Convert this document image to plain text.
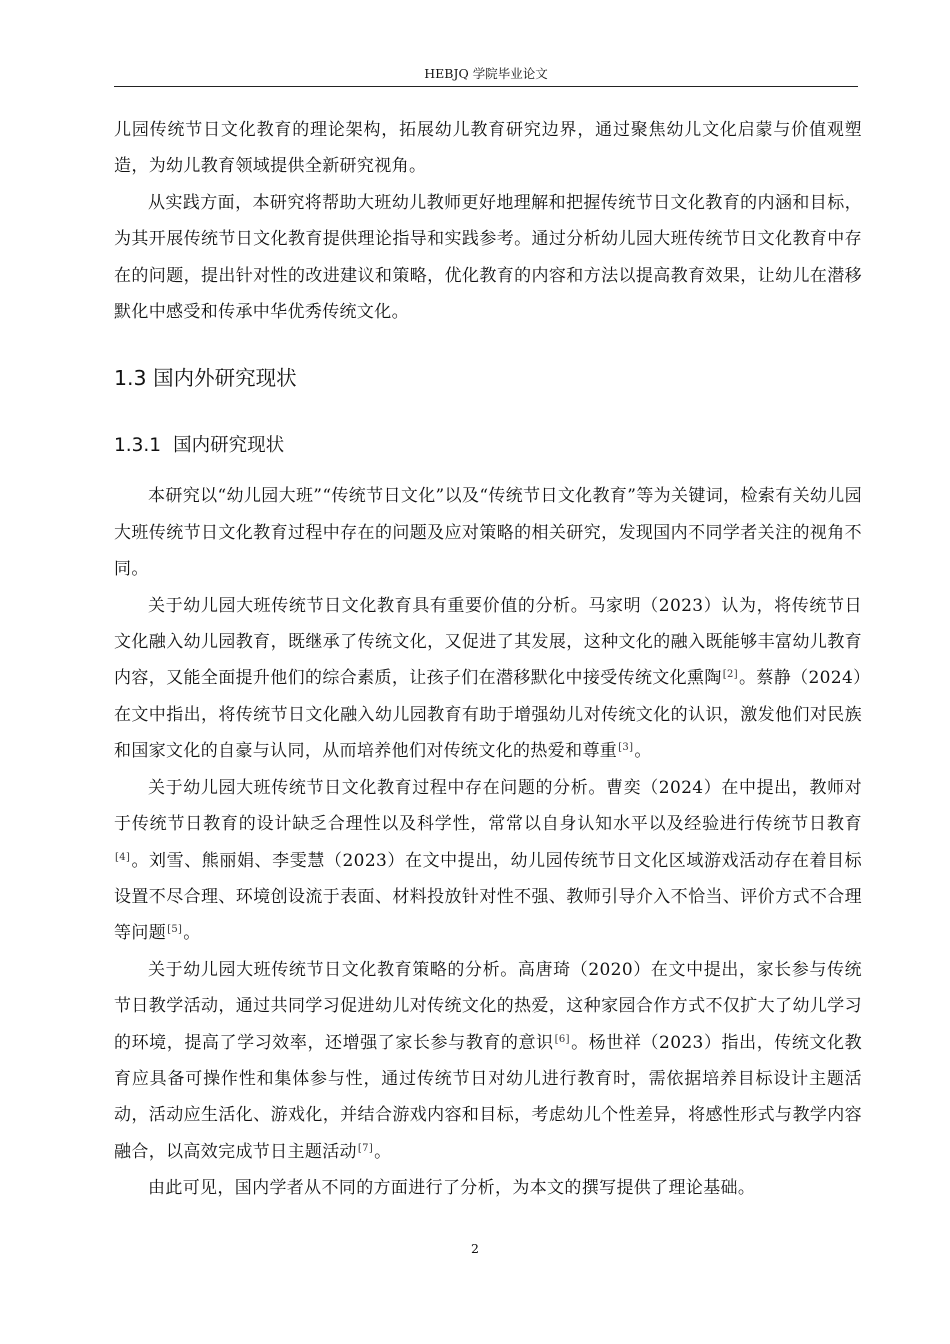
HEBJQ 学院毕业论文

儿园传统节日文化教育的理论架构，拓展幼儿教育研究边界，通过聚焦幼儿文化启蒙与价值观塑造，为幼儿教育领域提供全新研究视角。

从实践方面，本研究将帮助大班幼儿教师更好地理解和把握传统节日文化教育的内涵和目标，为其开展传统节日文化教育提供理论指导和实践参考。通过分析幼儿园大班传统节日文化教育中存在的问题，提出针对性的改进建议和策略，优化教育的内容和方法以提高教育效果，让幼儿在潜移默化中感受和传承中华优秀传统文化。

1.3 国内外研究现状
1.3.1 国内研究现状

本研究以“幼儿园大班”“传统节日文化”以及“传统节日文化教育”等为关键词，检索有关幼儿园大班传统节日文化教育过程中存在的问题及应对策略的相关研究，发现国内不同学者关注的视角不同。

关于幼儿园大班传统节日文化教育具有重要价值的分析。马家明（2023）认为，将传统节日文化融入幼儿园教育，既继承了传统文化，又促进了其发展，这种文化的融入既能够丰富幼儿教育内容，又能全面提升他们的综合素质，让孩子们在潜移默化中接受传统文化熏陶[2]。蔡静（2024）在文中指出，将传统节日文化融入幼儿园教育有助于增强幼儿对传统文化的认识，激发他们对民族和国家文化的自豪与认同，从而培养他们对传统文化的热爱和尊重[3]。

关于幼儿园大班传统节日文化教育过程中存在问题的分析。曹奕（2024）在中提出，教师对于传统节日教育的设计缺乏合理性以及科学性，常常以自身认知水平以及经验进行传统节日教育[4]。刘雪、熊丽娟、李雯慧（2023）在文中提出，幼儿园传统节日文化区域游戏活动存在着目标设置不尽合理、环境创设流于表面、材料投放针对性不强、教师引导介入不恰当、评价方式不合理等问题[5]。

关于幼儿园大班传统节日文化教育策略的分析。高唐琦（2020）在文中提出，家长参与传统节日教学活动，通过共同学习促进幼儿对传统文化的热爱，这种家园合作方式不仅扩大了幼儿学习的环境，提高了学习效率，还增强了家长参与教育的意识[6]。杨世祥（2023）指出，传统文化教育应具备可操作性和集体参与性，通过传统节日对幼儿进行教育时，需依据培养目标设计主题活动，活动应生活化、游戏化，并结合游戏内容和目标，考虑幼儿个性差异，将感性形式与教学内容融合，以高效完成节日主题活动[7]。

由此可见，国内学者从不同的方面进行了分析，为本文的撰写提供了理论基础。

2
